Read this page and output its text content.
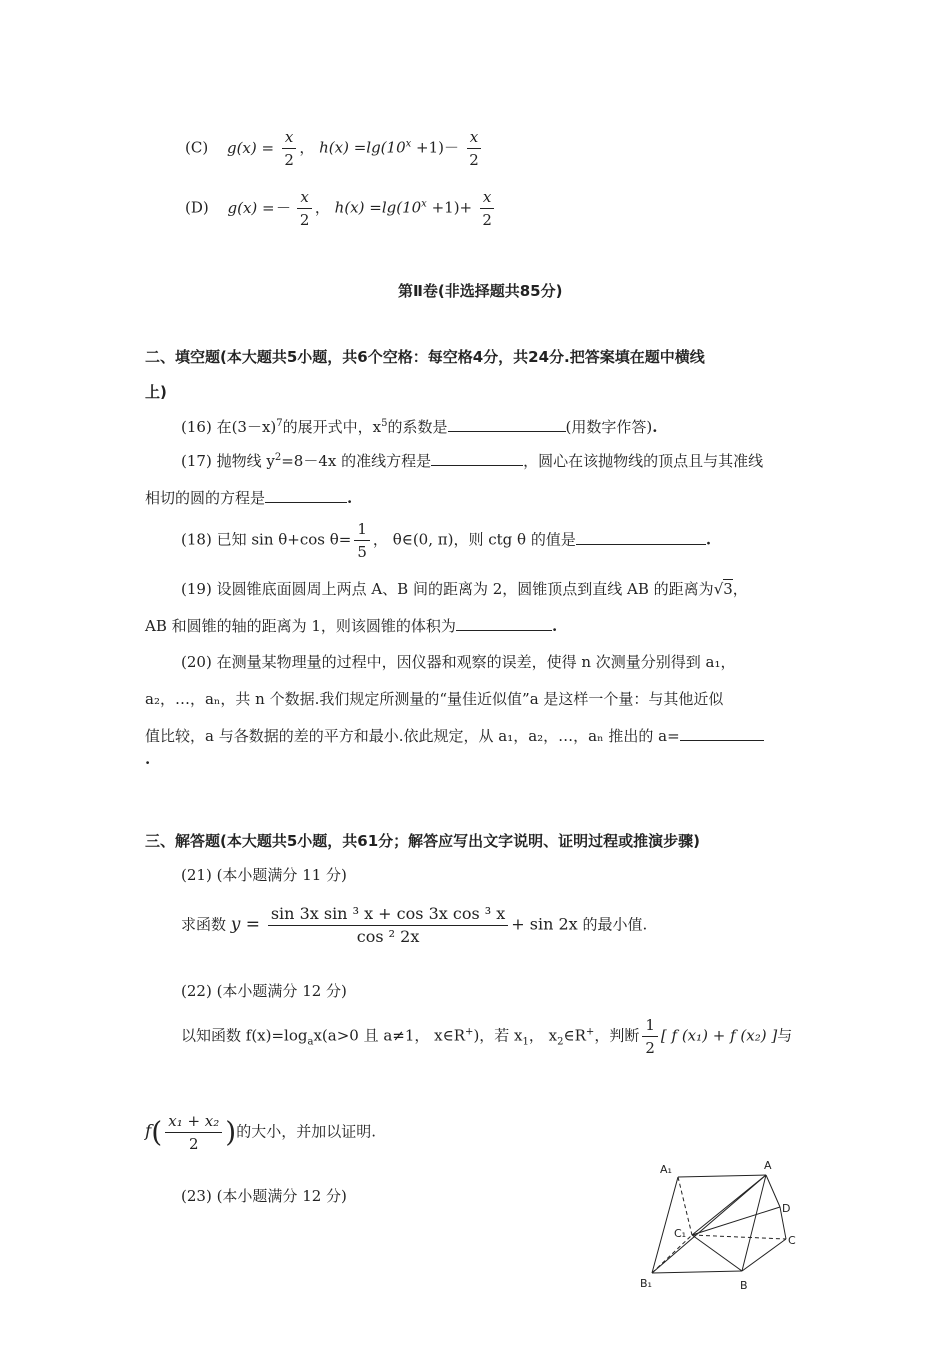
(C) $g(x) = \frac{x}{2}$ ， $h(x) =\lg(10^x +1)- \frac{x}{2}$
(D) $g(x) =- \frac{x}{2}$ ， $h(x) =\lg(10^x +1)+ \frac{x}{2}$
第Ⅱ卷(非选择题共85分)
二、填空题(本大题共5小题，共6个空格：每空格4分，共24分.把答案填在题中横线
上)
(16) 在$(3-x)^7$的展开式中，$x^5$的系数是	(用数字作答).
(17) 抛物线 $y^2=8-4x$ 的准线方程是	，圆心在该抛物线的顶点且与其准线
相切的圆的方程是	.
(18) 已知 sin θ+cos $\theta= \frac{1}{5}$ ， θ∈(0, π)，则 ctg θ 的值是	.
(19) 设圆锥底面圆周上两点 A、B 间的距离为 2，圆锥顶点到直线 AB 的距离为√3，
AB 和圆锥的轴的距离为 1，则该圆锥的体积为	.
(20) 在测量某物理量的过程中，因仪器和观察的误差，使得 n 次测量分别得到 a₁，
a₂，…，aₙ，共 n 个数据.我们规定所测量的“量佳近似值”a 是这样一个量：与其他近似
值比较，a 与各数据的差的平方和最小.依此规定，从 a₁，a₂，…，aₙ 推出的 a=
.
三、解答题(本大题共5小题，共61分；解答应写出文字说明、证明过程或推演步骤)
(21) (本小题满分 11 分)
求函数 $y = \frac{\text{sin 3x sin ³ x + cos 3x cos ³ x}}{\text{cos ² 2x}} + \sin 2x$ 的最小值.
(22) (本小题满分 12 分)
以知函数 $f(x)=\log_ax(a>0$ 且 a≠1， x∈R+)，若 $x_1$， $x_2\in R^+$，判断 $\frac{1}{2}$ [ f (x₁) + f (x₂) ]与
$f( \frac{\text{x₁ + x₂}}{2}$ )的大小，并加以证明.
(23) (本小题满分 12 分)
A₁	A
D
C₁
C
B₁	B
